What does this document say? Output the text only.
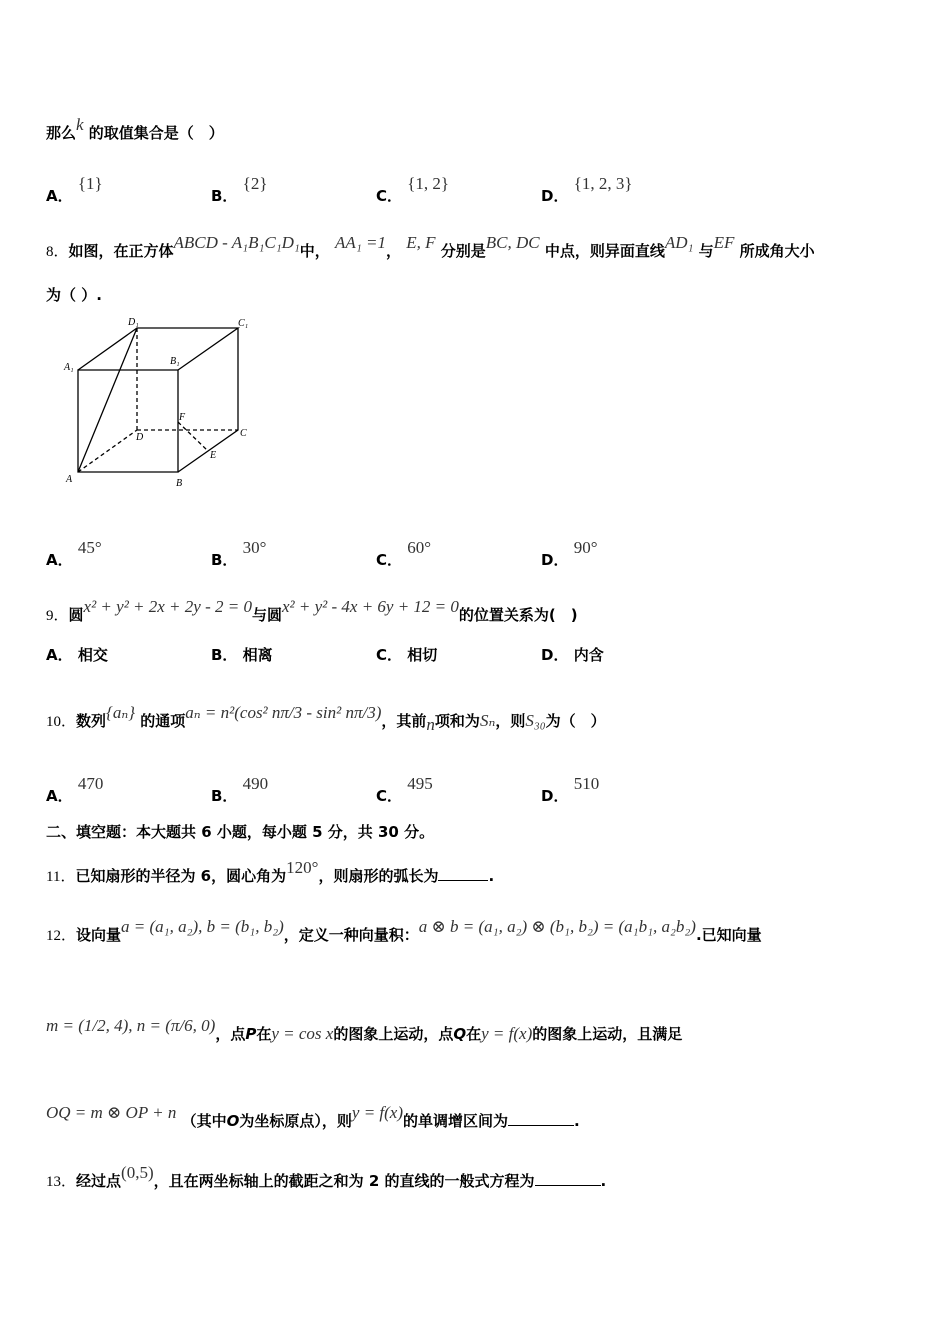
那么k 的取值集合是（　）
A． {1}
B． {2}
C． {1, 2}
D． {1, 2, 3}
8．如图，在正方体ABCD - A₁B₁C₁D₁中， AA₁ =1， E, F 分别是BC, DC 中点，则异面直线AD₁ 与EF 所成角大小
为（ ）.
D₁	C₁
A₁
B₁
F
D	C
E
A	B
A． 45°
B． 30°
C． 60°
D． 90°
9．圆x² + y² + 2x + 2y - 2 = 0与圆x² + y² - 4x + 6y + 12 = 0的位置关系为(　)
A． 相交	B． 相离	C． 相切	D． 内含
10．数列{aₙ} 的通项aₙ = n²(cos² nπ/3 - sin² nπ/3)，其前n项和为Sₙ，则S₃₀为（　）
A． 470
B． 490
C． 495
D． 510
二、填空题：本大题共 6 小题，每小题 5 分，共 30 分。
11．已知扇形的半径为 6，圆心角为120°，则扇形的弧长为	.
12．设向量a = (a₁, a₂), b = (b₁, b₂)，定义一种向量积：a ⊗ b = (a₁, a₂) ⊗ (b₁, b₂) = (a₁b₁, a₂b₂).已知向量
m = (1/2, 4), n = (π/6, 0)，点P在y = cos x的图象上运动，点Q在y = f(x)的图象上运动，且满足
OQ = m ⊗ OP + n （其中O为坐标原点），则y = f(x)的单调增区间为	.
13．经过点(0,5)，且在两坐标轴上的截距之和为 2 的直线的一般式方程为	.
